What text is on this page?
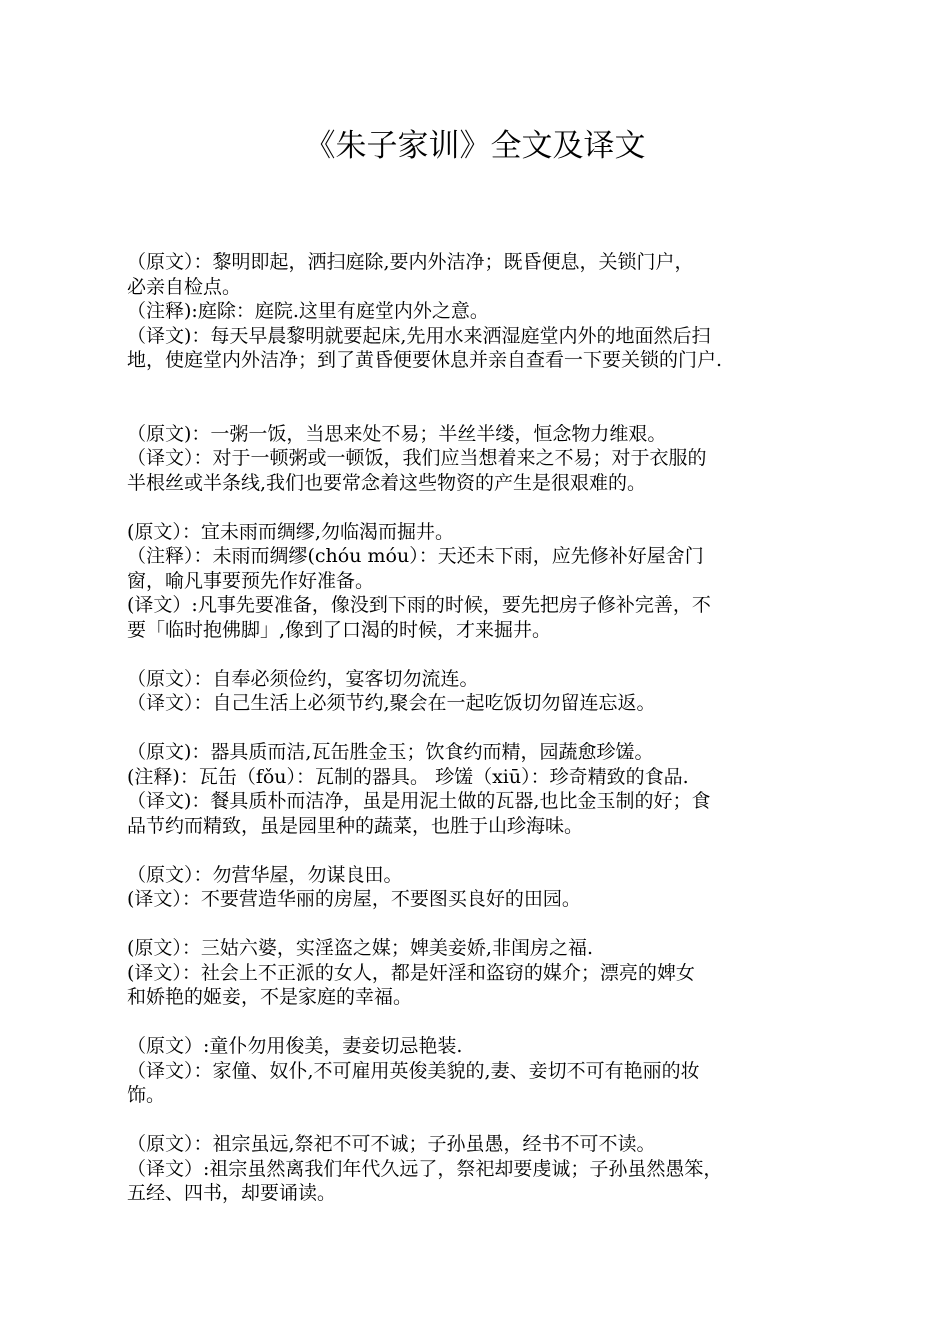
《朱子家训》全文及译文
（原文）：黎明即起，洒扫庭除,要内外洁净；既昏便息，关锁门户，
必亲自检点。
（注释):庭除：庭院.这里有庭堂内外之意。
（译文)：每天早晨黎明就要起床,先用水来洒湿庭堂内外的地面然后扫
地，使庭堂内外洁净；到了黄昏便要休息并亲自查看一下要关锁的门户.
（原文)：一粥一饭，当思来处不易；半丝半缕，恒念物力维艰。
（译文）：对于一顿粥或一顿饭，我们应当想着来之不易；对于衣服的
半根丝或半条线,我们也要常念着这些物资的产生是很艰难的。
(原文）：宜未雨而绸缪,勿临渴而掘井。
（注释）：未雨而绸缪(chóu móu）：天还未下雨，应先修补好屋舍门
窗，喻凡事要预先作好准备。
(译文）:凡事先要准备，像没到下雨的时候，要先把房子修补完善，不
要「临时抱佛脚」,像到了口渴的时候，才来掘井。
（原文）：自奉必须俭约，宴客切勿流连。
（译文）：自己生活上必须节约,聚会在一起吃饭切勿留连忘返。
（原文)：器具质而洁,瓦缶胜金玉；饮食约而精，园蔬愈珍馐。
(注释)：瓦缶（fǒu）：瓦制的器具。 珍馐（xiū）：珍奇精致的食品.
（译文)：餐具质朴而洁净，虽是用泥土做的瓦器,也比金玉制的好；食
品节约而精致，虽是园里种的蔬菜，也胜于山珍海味。
（原文）：勿营华屋，勿谋良田。
(译文）：不要营造华丽的房屋，不要图买良好的田园。
(原文）：三姑六婆，实淫盗之媒；婢美妾娇,非闺房之福.
(译文）：社会上不正派的女人，都是奸淫和盗窃的媒介；漂亮的婢女
和娇艳的姬妾，不是家庭的幸福。
（原文）:童仆勿用俊美，妻妾切忌艳装.
（译文）：家僮、奴仆,不可雇用英俊美貌的,妻、妾切不可有艳丽的妆
饰。
（原文）：祖宗虽远,祭祀不可不诚；子孙虽愚，经书不可不读。
（译文）:祖宗虽然离我们年代久远了，祭祀却要虔诚；子孙虽然愚笨，
五经、四书，却要诵读。
